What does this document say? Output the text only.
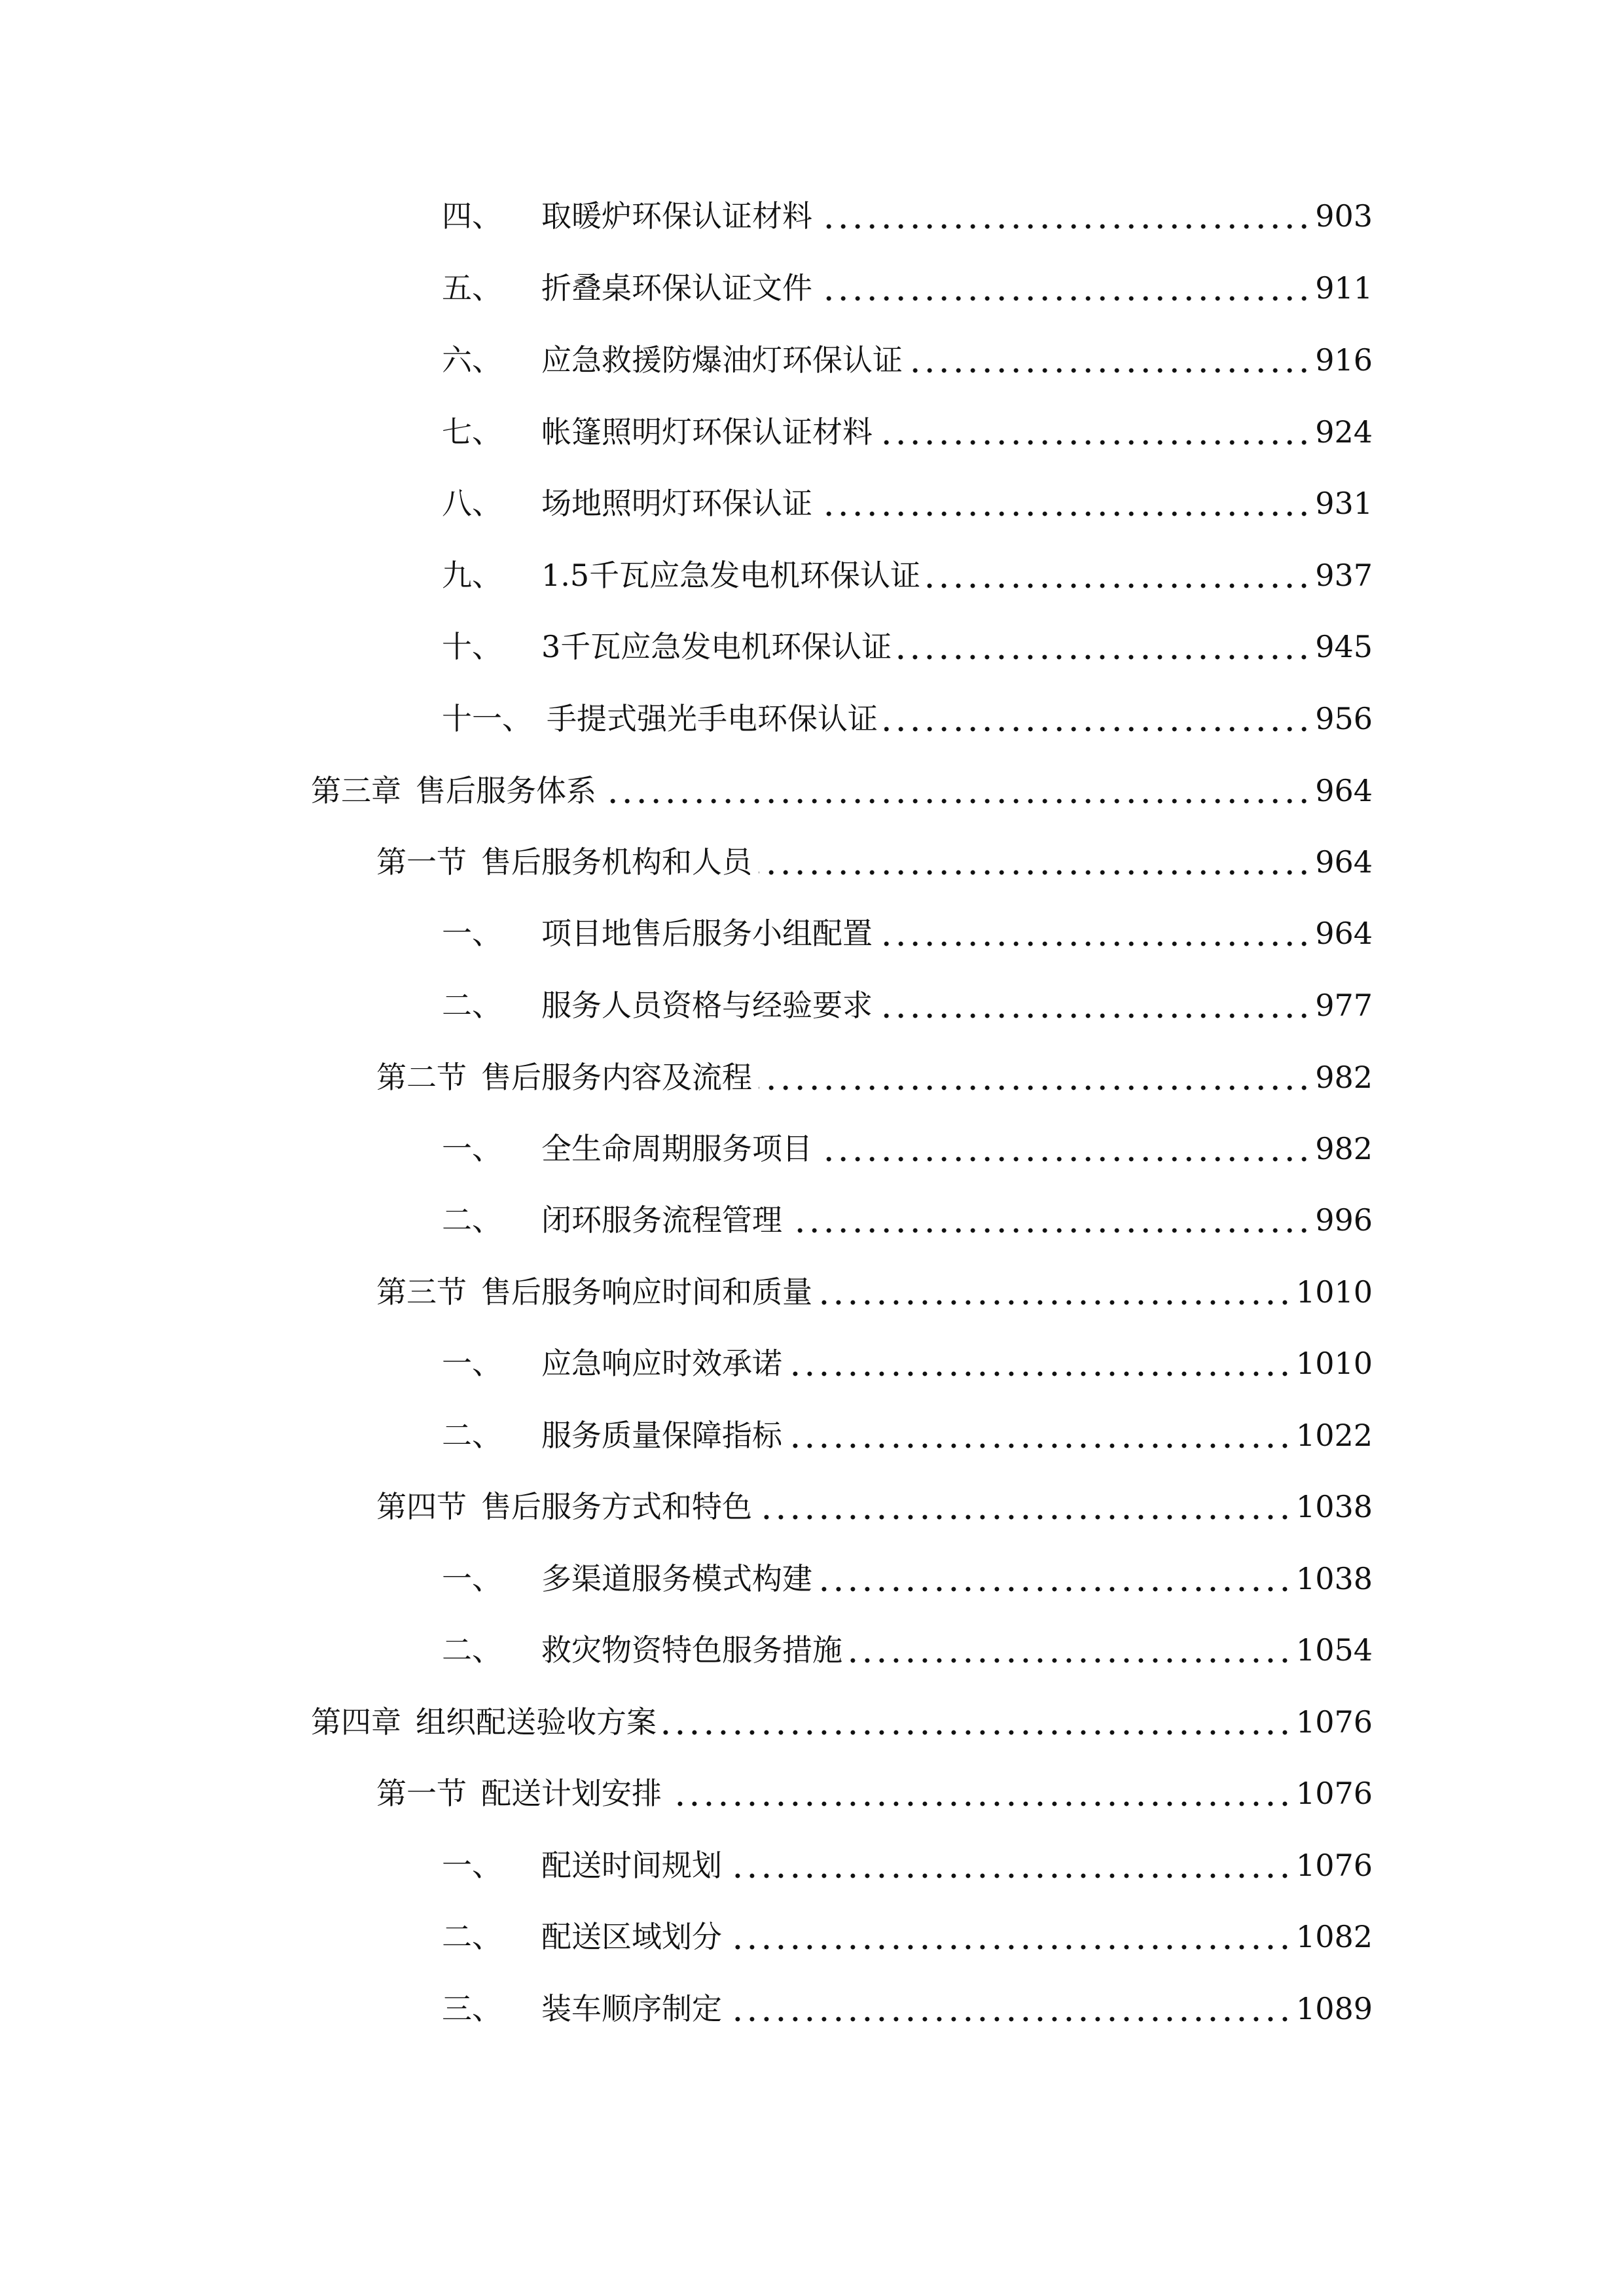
四、 取暖炉环保认证材料	903
五、 折叠桌环保认证文件	911
六、 应急救援防爆油灯环保认证	916
七、 帐篷照明灯环保认证材料	924
八、 场地照明灯环保认证	931
九、 1.5千瓦应急发电机环保认证	937
十、 3千瓦应急发电机环保认证	945
十一、 手提式强光手电环保认证	956
第三章 售后服务体系	964
第一节 售后服务机构和人员	964
一、 项目地售后服务小组配置	964
二、 服务人员资格与经验要求	977
第二节 售后服务内容及流程	982
一、 全生命周期服务项目	982
二、 闭环服务流程管理	996
第三节 售后服务响应时间和质量	1010
一、 应急响应时效承诺	1010
二、 服务质量保障指标	1022
第四节 售后服务方式和特色	1038
一、 多渠道服务模式构建	1038
二、 救灾物资特色服务措施	1054
第四章 组织配送验收方案	1076
第一节 配送计划安排	1076
一、 配送时间规划	1076
二、 配送区域划分	1082
三、 装车顺序制定	1089
